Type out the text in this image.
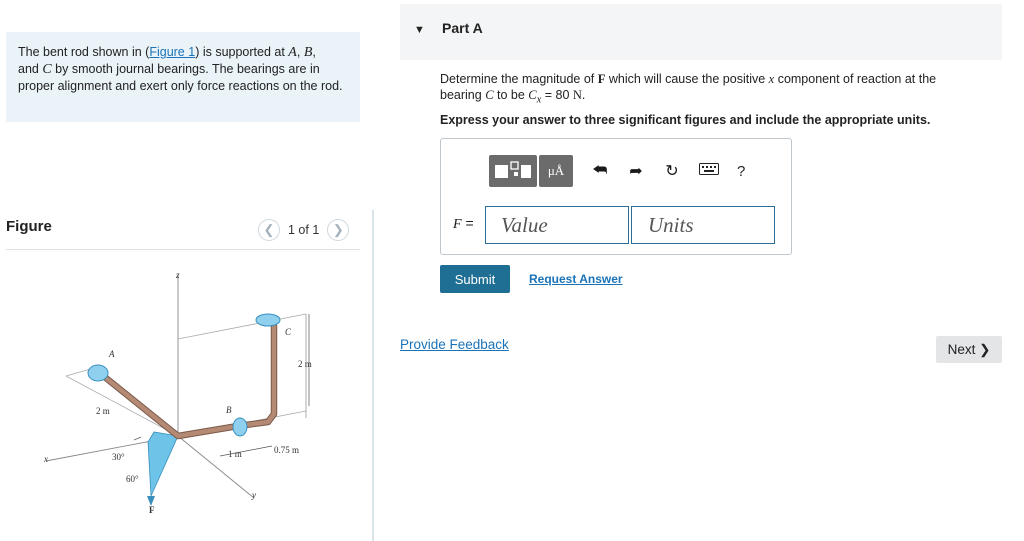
The bent rod shown in (Figure 1) is supported at A, B,
and C by smooth journal bearings. The bearings are in proper alignment and exert only force reactions on the rod.
Figure	❮	1 of 1	❯
z
x
y
A
B
C
F
2 m
2 m
1 m	0.75 m
30°
60°
▼ Part A
Determine the magnitude of F which will cause the positive x component of reaction at the bearing C to be $C_x = 80$ N.
Express your answer to three significant figures and include the appropriate units.
μÅ	⮪ ➦ ↻	?
F =	Value	Units
Submit	Request Answer
Provide Feedback	Next
❯
